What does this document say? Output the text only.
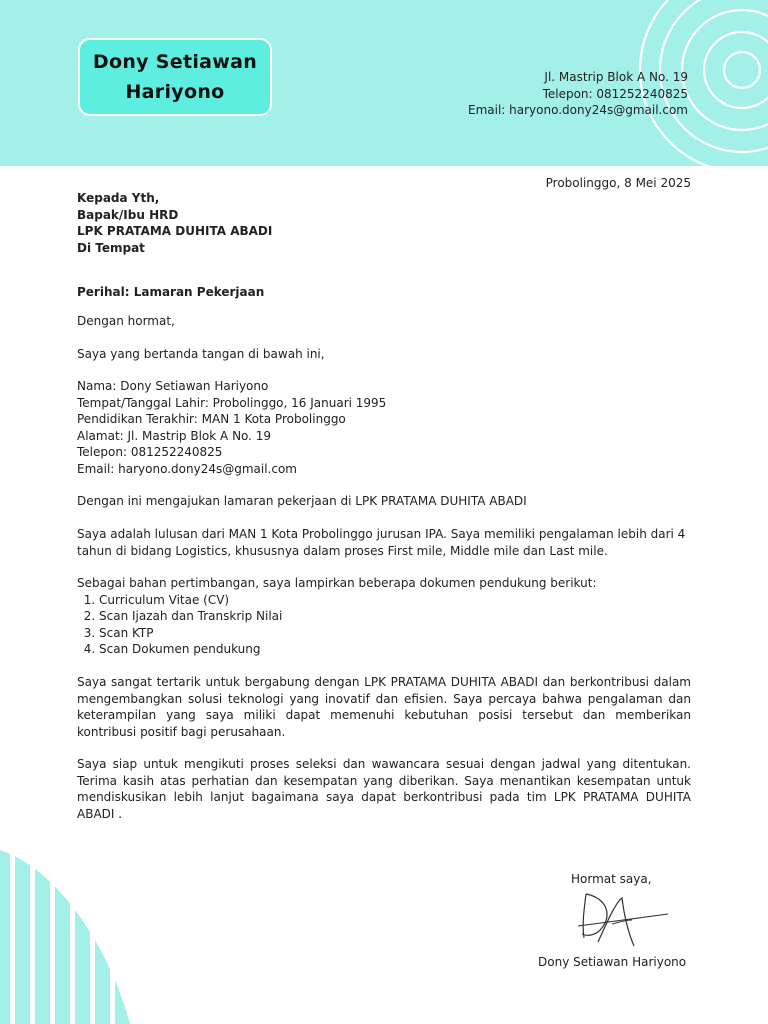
Dony Setiawan
Hariyono
Jl. Mastrip Blok A No. 19
Telepon: 081252240825
Email: haryono.dony24s@gmail.com
Probolinggo, 8 Mei 2025
Kepada Yth,
Bapak/Ibu HRD
LPK PRATAMA DUHITA ABADI
Di Tempat
Perihal: Lamaran Pekerjaan
Dengan hormat,
Saya yang bertanda tangan di bawah ini,
Nama: Dony Setiawan Hariyono
Tempat/Tanggal Lahir: Probolinggo, 16 Januari 1995
Pendidikan Terakhir: MAN 1 Kota Probolinggo
Alamat: Jl. Mastrip Blok A No. 19
Telepon: 081252240825
Email: haryono.dony24s@gmail.com
Dengan ini mengajukan lamaran pekerjaan di LPK PRATAMA DUHITA ABADI
Saya adalah lulusan dari MAN 1 Kota Probolinggo jurusan IPA. Saya memiliki pengalaman lebih dari 4 tahun di bidang Logistics, khususnya dalam proses First mile, Middle mile dan Last mile.
Sebagai bahan pertimbangan, saya lampirkan beberapa dokumen pendukung berikut:
1. Curriculum Vitae (CV)
2. Scan Ijazah dan Transkrip Nilai
3. Scan KTP
4. Scan Dokumen pendukung
Saya sangat tertarik untuk bergabung dengan LPK PRATAMA DUHITA ABADI dan berkontribusi dalam mengembangkan solusi teknologi yang inovatif dan efisien. Saya percaya bahwa pengalaman dan keterampilan yang saya miliki dapat memenuhi kebutuhan posisi tersebut dan memberikan kontribusi positif bagi perusahaan.
Saya siap untuk mengikuti proses seleksi dan wawancara sesuai dengan jadwal yang ditentukan. Terima kasih atas perhatian dan kesempatan yang diberikan. Saya menantikan kesempatan untuk mendiskusikan lebih lanjut bagaimana saya dapat berkontribusi pada tim LPK PRATAMA DUHITA ABADI .
Hormat saya,
Dony Setiawan Hariyono
